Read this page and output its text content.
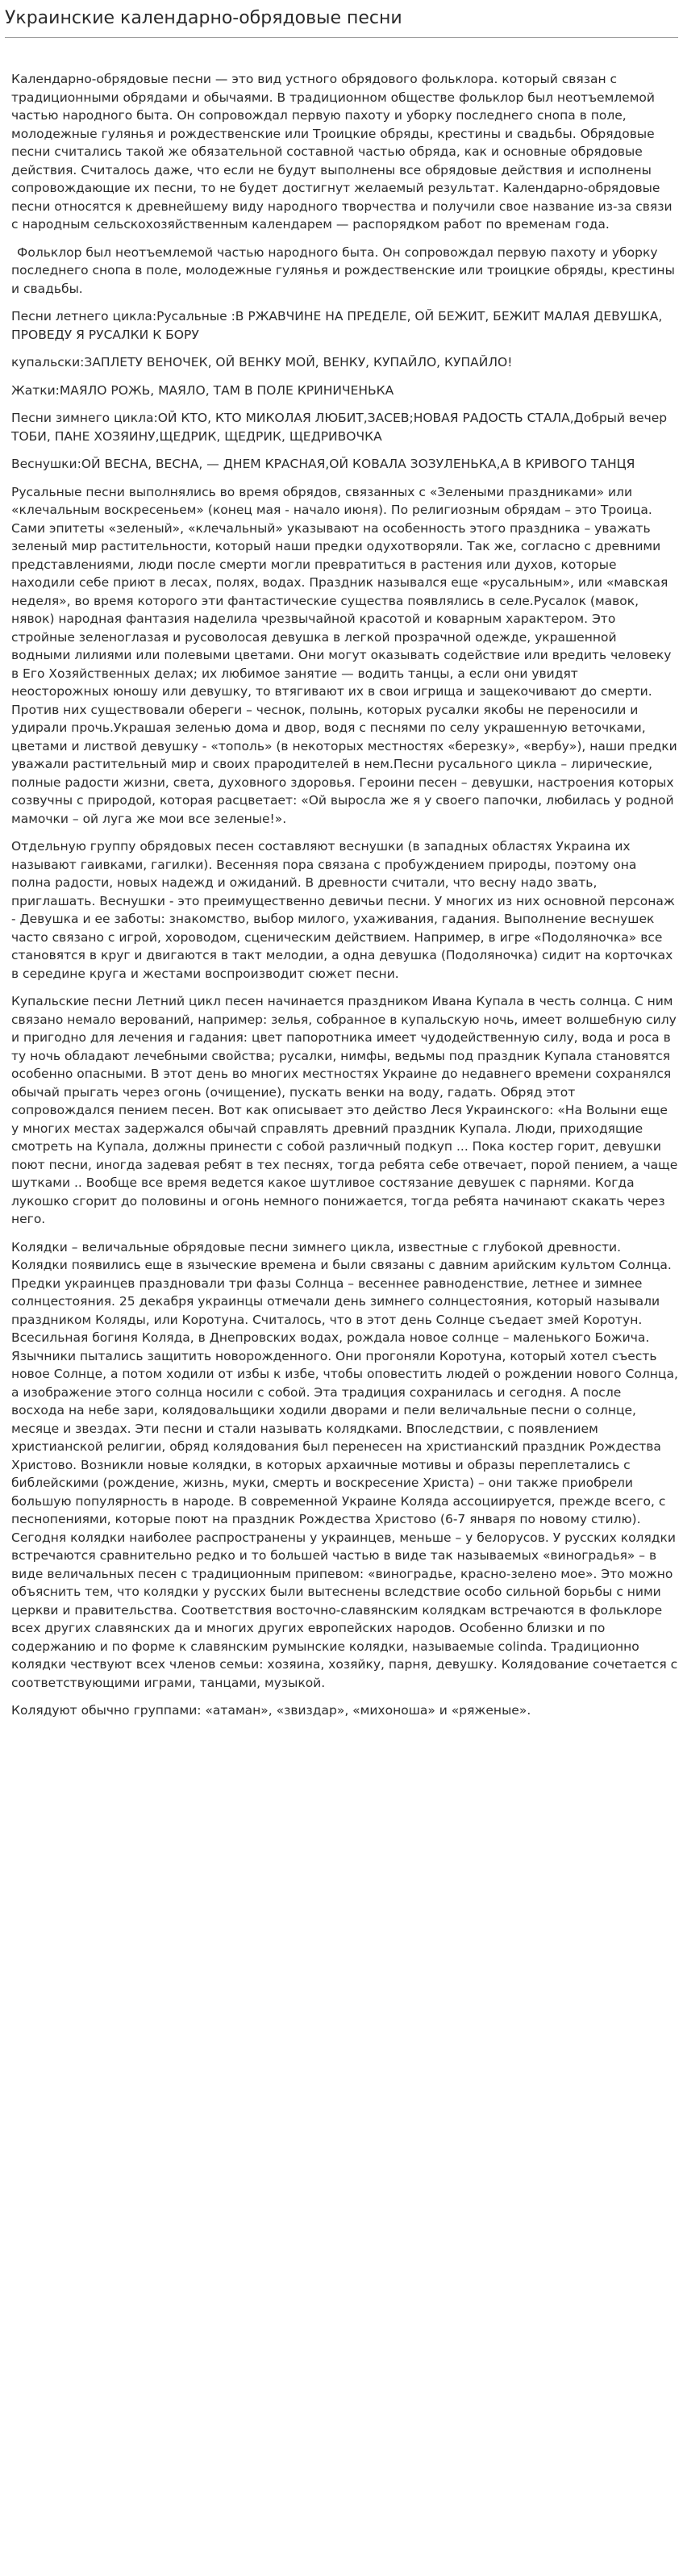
Украинские календарно-обрядовые песни

Календарно-обрядовые песни — это вид устного обрядового фольклора. который связан с традиционными обрядами и обычаями. В традиционном обществе фольклор был неотъемлемой частью народного быта. Он сопровождал первую пахоту и уборку последнего снопа в поле, молодежные гулянья и рождественские или Троицкие обряды, крестины и свадьбы. Обрядовые песни считались такой же обязательной составной частью обряда, как и основные обрядовые действия. Считалось даже, что если не будут выполнены все обрядовые действия и исполнены сопровождающие их песни, то не будет достигнут желаемый результат. Календарно-обрядовые песни относятся к древнейшему виду народного творчества и получили свое название из-за связи с народным сельскохозяйственным календарем — распорядком работ по временам года.

Фольклор был неотъемлемой частью народного быта. Он сопровождал первую пахоту и уборку последнего снопа в поле, молодежные гулянья и рождественские или троицкие обряды, крестины и свадьбы.

Песни летнего цикла:Русальные :В РЖАВЧИНЕ НА ПРЕДЕЛЕ, ОЙ БЕЖИТ, БЕЖИТ МАЛАЯ ДЕВУШКА, ПРОВЕДУ Я РУСАЛКИ К БОРУ

купальски:ЗАПЛЕТУ ВЕНОЧЕК, ОЙ ВЕНКУ МОЙ, ВЕНКУ, КУПАЙЛО, КУПАЙЛО!

Жатки:МАЯЛО РОЖЬ, МАЯЛО, ТАМ В ПОЛЕ КРИНИЧЕНЬКА

Песни зимнего цикла:ОЙ КТО, КТО МИКОЛАЯ ЛЮБИТ,ЗАСЕВ;НОВАЯ РАДОСТЬ СТАЛА,Добрый вечер ТОБИ, ПАНЕ ХОЗЯИНУ,ЩЕДРИК, ЩЕДРИК, ЩЕДРИВОЧКА

Веснушки:ОЙ ВЕСНА, ВЕСНА, — ДНЕМ КРАСНАЯ,ОЙ КОВАЛА ЗОЗУЛЕНЬКА,А В КРИВОГО ТАНЦЯ

Русальные песни выполнялись во время обрядов, связанных с «Зелеными праздниками» или «клечальным воскресеньем» (конец мая - начало июня). По религиозным обрядам – это Троица. Сами эпитеты «зеленый», «клечальный» указывают на особенность этого праздника – уважать зеленый мир растительности, который наши предки одухотворяли. Так же, согласно с древними представлениями, люди после смерти могли превратиться в растения или духов, которые находили себе приют в лесах, полях, водах. Праздник назывался еще «русальным», или «мавская неделя», во время которого эти фантастические существа появлялись в селе.Русалок (мавок, нявок) народная фантазия наделила чрезвычайной красотой и коварным характером. Это стройные зеленоглазая и русоволосая девушка в легкой прозрачной одежде, украшенной водными лилиями или полевыми цветами. Они могут оказывать содействие или вредить человеку в Его Хозяйственных делах; их любимое занятие — водить танцы, а если они увидят неосторожных юношу или девушку, то втягивают их в свои игрища и защекочивают до смерти. Против них существовали обереги – чеснок, полынь, которых русалки якобы не переносили и удирали прочь.Украшая зеленью дома и двор, водя с песнями по селу украшенную веточками, цветами и листвой девушку - «тополь» (в некоторых местностях «березку», «вербу»), наши предки уважали растительный мир и своих прародителей в нем.Песни русального цикла – лирические, полные радости жизни, света, духовного здоровья. Героини песен – девушки, настроения которых созвучны с природой, которая расцветает: «Ой выросла же я у своего папочки, любилась у родной мамочки – ой луга же мои все зеленые!».

Отдельную группу обрядовых песен составляют веснушки (в западных областях Украина их называют гаивками, гагилки). Весенняя пора связана с пробуждением природы, поэтому она полна радости, новых надежд и ожиданий. В древности считали, что весну надо звать, приглашать. Веснушки - это преимущественно девичьи песни. У многих из них основной персонаж - Девушка и ее заботы: знакомство, выбор милого, ухаживания, гадания. Выполнение веснушек часто связано с игрой, хороводом, сценическим действием. Например, в игре «Подоляночка» все становятся в круг и двигаются в такт мелодии, а одна девушка (Подоляночка) сидит на корточках в середине круга и жестами воспроизводит сюжет песни.

Купальские песни Летний цикл песен начинается праздником Ивана Купала в честь солнца. С ним связано немало верований, например: зелья, собранное в купальскую ночь, имеет волшебную силу и пригодно для лечения и гадания: цвет папоротника имеет чудодейственную силу, вода и роса в ту ночь обладают лечебными свойства; русалки, нимфы, ведьмы под праздник Купала становятся особенно опасными. В этот день во многих местностях Украине до недавнего времени сохранялся обычай прыгать через огонь (очищение), пускать венки на воду, гадать. Обряд этот сопровождался пением песен. Вот как описывает это действо Леся Украинского: «На Волыни еще у многих местах задержался обычай справлять древний праздник Купала. Люди, приходящие смотреть на Купала, должны принести с собой различный подкуп ... Пока костер горит, девушки поют песни, иногда задевая ребят в тех песнях, тогда ребята себе отвечает, порой пением, а чаще шутками .. Вообще все время ведется какое шутливое состязание девушек с парнями. Когда лукошко сгорит до половины и огонь немного понижается, тогда ребята начинают скакать через него.

Колядки – величальные обрядовые песни зимнего цикла, известные с глубокой древности. Колядки появились еще в языческие времена и были связаны с давним арийским культом Солнца. Предки украинцев праздновали три фазы Солнца – весеннее равноденствие, летнее и зимнее солнцестояния. 25 декабря украинцы отмечали день зимнего солнцестояния, который называли праздником Коляды, или Коротуна. Считалось, что в этот день Солнце съедает змей Коротун. Всесильная богиня Коляда, в Днепровских водах, рождала новое солнце – маленького Божича. Язычники пытались защитить новорожденного. Они прогоняли Коротуна, который хотел съесть новое Солнце, а потом ходили от избы к избе, чтобы оповестить людей о рождении нового Солнца, а изображение этого солнца носили с собой. Эта традиция сохранилась и сегодня. А после восхода на небе зари, колядовальщики ходили дворами и пели величальные песни о солнце, месяце и звездах. Эти песни и стали называть колядками. Впоследствии, с появлением христианской религии, обряд колядования был перенесен на христианский праздник Рождества Христово. Возникли новые колядки, в которых архаичные мотивы и образы переплетались с библейскими (рождение, жизнь, муки, смерть и воскресение Христа) – они также приобрели большую популярность в народе. В современной Украине Коляда ассоциируется, прежде всего, с песнопениями, которые поют на праздник Рождества Христово (6-7 января по новому стилю). Сегодня колядки наиболее распространены у украинцев, меньше – у белорусов. У русских колядки встречаются сравнительно редко и то большей частью в виде так называемых «виноградья» – в виде величальных песен с традиционным припевом: «виноградье, красно-зелено мое». Это можно объяснить тем, что колядки у русских были вытеснены вследствие особо сильной борьбы с ними церкви и правительства. Соответствия восточно-славянским колядкам встречаются в фольклоре всех других славянских да и многих других европейских народов. Особенно близки и по содержанию и по форме к славянским румынские колядки, называемые colinda. Традиционно колядки чествуют всех членов семьи: хозяина, хозяйку, парня, девушку. Колядование сочетается с соответствующими играми, танцами, музыкой.

Колядуют обычно группами: «атаман», «звиздар», «михоноша» и «ряженые».
